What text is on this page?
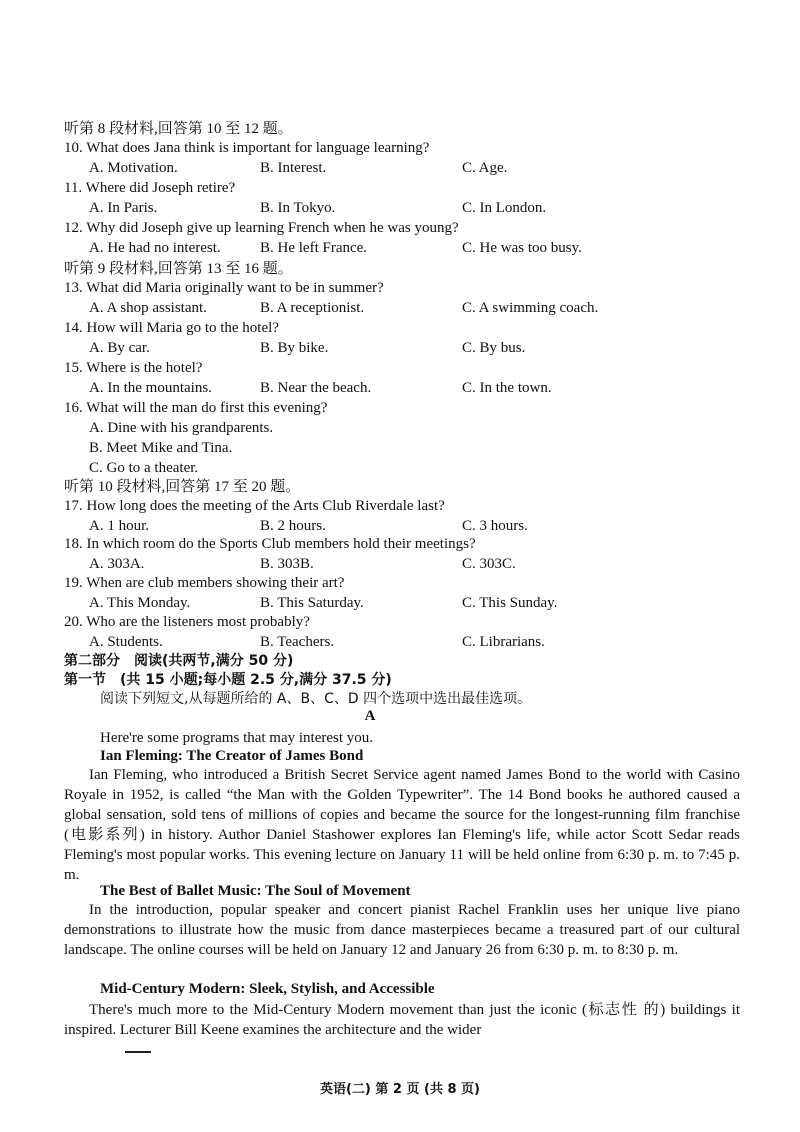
听第 8 段材料,回答第 10 至 12 题。
10. What does Jana think is important for language learning?
A. Motivation.	B. Interest.	C. Age.
11. Where did Joseph retire?
A. In Paris.	B. In Tokyo.	C. In London.
12. Why did Joseph give up learning French when he was young?
A. He had no interest.	B. He left France.	C. He was too busy.
13. What did Maria originally want to be in summer?
A. A shop assistant.	B. A receptionist.	C. A swimming coach.
14. How will Maria go to the hotel?
A. By car.	B. By bike.	C. By bus.
15. Where is the hotel?
A. In the mountains.	B. Near the beach.	C. In the town.
16. What will the man do first this evening?
A. Dine with his grandparents.
B. Meet Mike and Tina.
C. Go to a theater.
17. How long does the meeting of the Arts Club Riverdale last?
A. 1 hour.	B. 2 hours.	C. 3 hours.
18. In which room do the Sports Club members hold their meetings?
A. 303A.	B. 303B.	C. 303C.
19. When are club members showing their art?
A. This Monday.	B. This Saturday.	C. This Sunday.
20. Who are the listeners most probably?
A. Students.	B. Teachers.	C. Librarians.
听第 9 段材料,回答第 13 至 16 题。
听第 10 段材料,回答第 17 至 20 题。
第二部分　阅读(共两节,满分 50 分)
第一节　(共 15 小题;每小题 2.5 分,满分 37.5 分)
阅读下列短文,从每题所给的 A、B、C、D 四个选项中选出最佳选项。
A
Here're some programs that may interest you.
Ian Fleming: The Creator of James Bond
Ian Fleming, who introduced a British Secret Service agent named James Bond to the world with Casino Royale in 1952, is called “the Man with the Golden Typewriter”. The 14 Bond books he authored caused a global sensation, sold tens of millions of copies and became the source for the longest-running film franchise (电影系列) in history. Author Daniel Stashower explores Ian Fleming's life, while actor Scott Sedar reads Fleming's most popular works. This evening lecture on January 11 will be held online from 6:30 p. m. to 7:45 p. m.
The Best of Ballet Music: The Soul of Movement
In the introduction, popular speaker and concert pianist Rachel Franklin uses her unique live piano demonstrations to illustrate how the music from dance masterpieces became a treasured part of our cultural landscape. The online courses will be held on January 12 and January 26 from 6:30 p. m. to 8:30 p. m.
Mid-Century Modern: Sleek, Stylish, and Accessible
There's much more to the Mid-Century Modern movement than just the iconic (标志性 的) buildings it inspired. Lecturer Bill Keene examines the architecture and the wider
英语(二) 第 2 页 (共 8 页)
